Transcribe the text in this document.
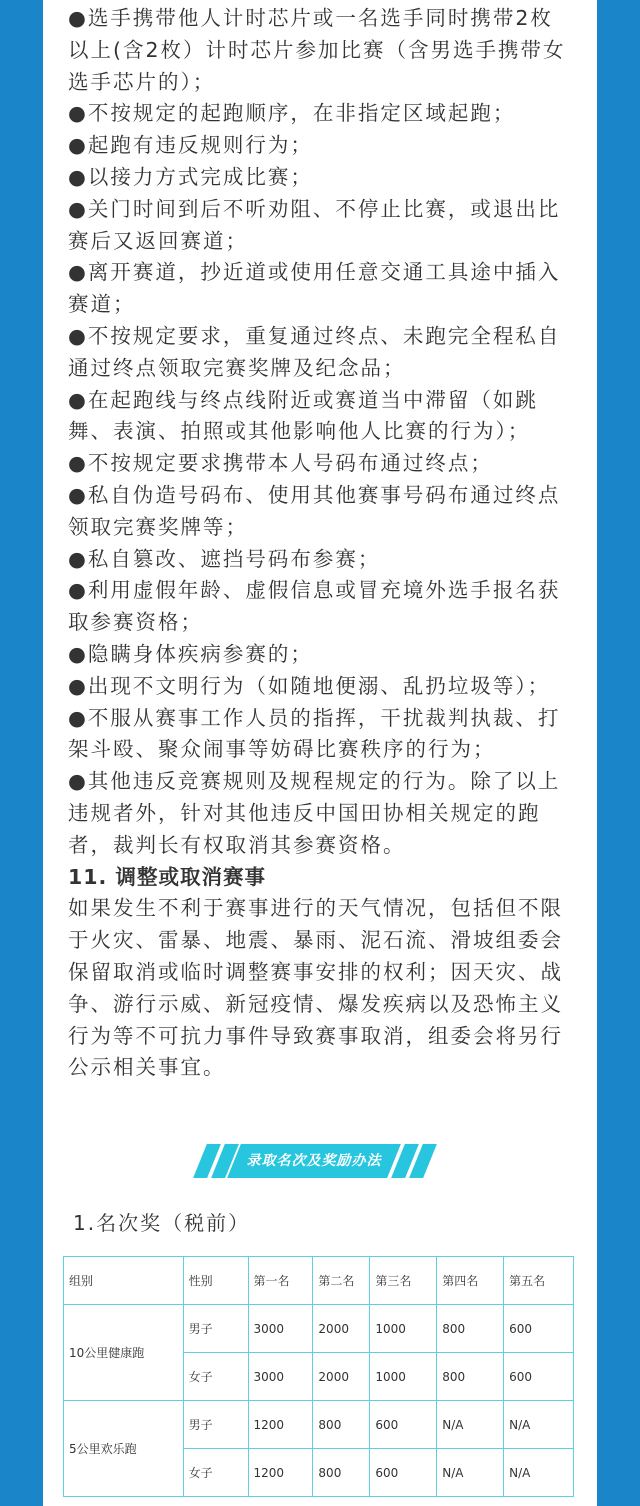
●选手携带他人计时芯片或一名选手同时携带2枚以上(含2枚）计时芯片参加比赛（含男选手携带女选手芯片的）；
●不按规定的起跑顺序，在非指定区域起跑；
●起跑有违反规则行为；
●以接力方式完成比赛；
●关门时间到后不听劝阻、不停止比赛，或退出比赛后又返回赛道；
●离开赛道，抄近道或使用任意交通工具途中插入赛道；
●不按规定要求，重复通过终点、未跑完全程私自通过终点领取完赛奖牌及纪念品；
●在起跑线与终点线附近或赛道当中滞留（如跳舞、表演、拍照或其他影响他人比赛的行为）；
●不按规定要求携带本人号码布通过终点；
●私自伪造号码布、使用其他赛事号码布通过终点领取完赛奖牌等；
●私自篡改、遮挡号码布参赛；
●利用虚假年龄、虚假信息或冒充境外选手报名获取参赛资格；
●隐瞒身体疾病参赛的；
●出现不文明行为（如随地便溺、乱扔垃圾等）；
●不服从赛事工作人员的指挥，干扰裁判执裁、打架斗殴、聚众闹事等妨碍比赛秩序的行为；
●其他违反竞赛规则及规程规定的行为。除了以上违规者外，针对其他违反中国田协相关规定的跑者，裁判长有权取消其参赛资格。

11. 调整或取消赛事

如果发生不利于赛事进行的天气情况，包括但不限于火灾、雷暴、地震、暴雨、泥石流、滑坡组委会保留取消或临时调整赛事安排的权利；因天灾、战争、游行示威、新冠疫情、爆发疾病以及恐怖主义行为等不可抗力事件导致赛事取消，组委会将另行公示相关事宜。

录取名次及奖励办法
1.名次奖（税前）
组别	性别	第一名	第二名	第三名	第四名	第五名
10公里健康跑	男子	3000	2000	1000	800	600
	女子	3000	2000	1000	800	600
5公里欢乐跑	男子	1200	800	600	N/A	N/A
	女子	1200	800	600	N/A	N/A
